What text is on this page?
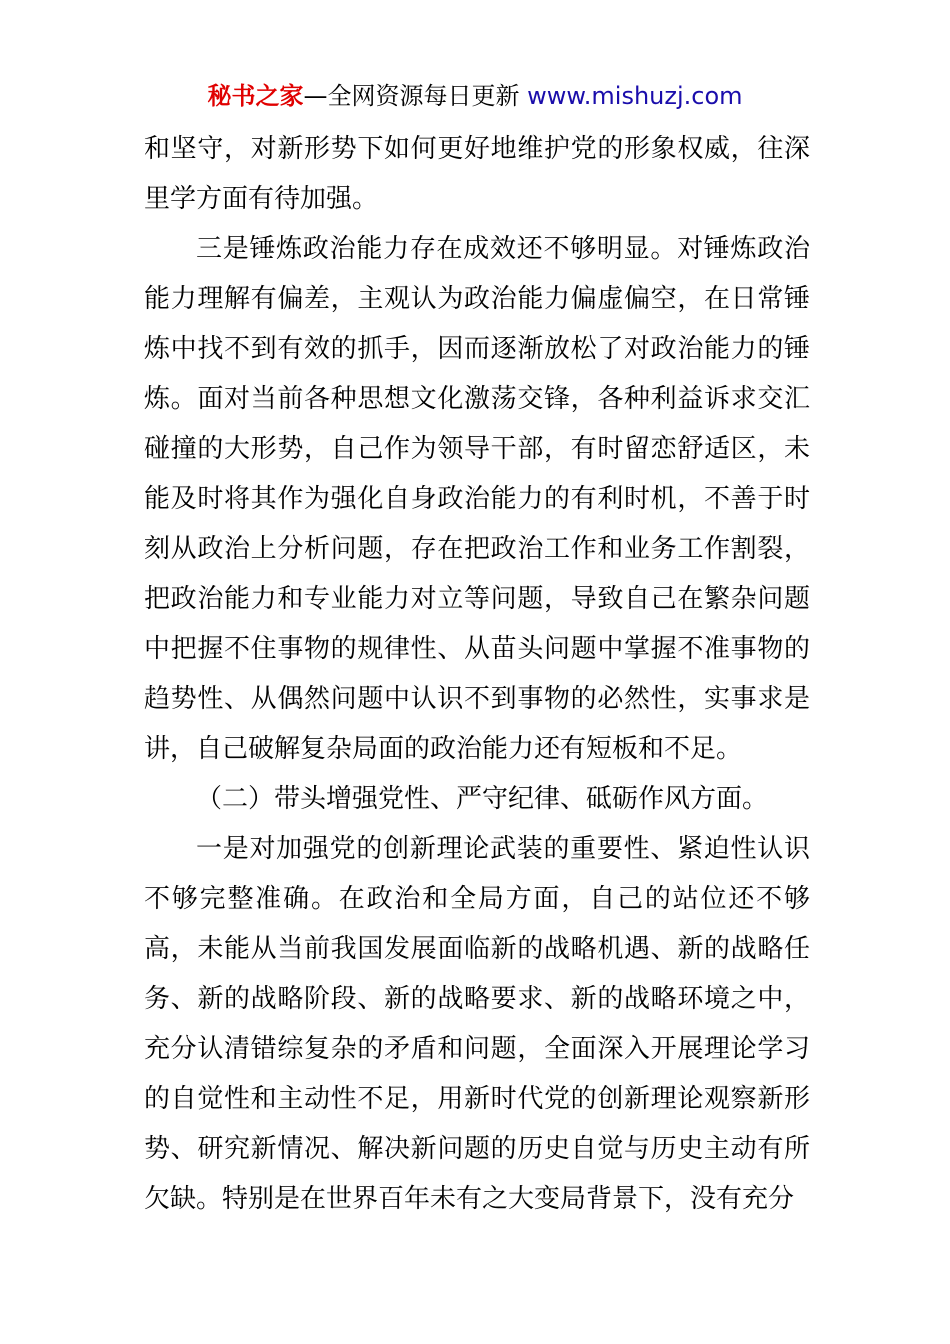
秘书之家—全网资源每日更新 www.mishuzj.com

和坚守，对新形势下如何更好地维护党的形象权威，往深里学方面有待加强。

三是锤炼政治能力存在成效还不够明显。对锤炼政治能力理解有偏差，主观认为政治能力偏虚偏空，在日常锤炼中找不到有效的抓手，因而逐渐放松了对政治能力的锤炼。面对当前各种思想文化激荡交锋，各种利益诉求交汇碰撞的大形势，自己作为领导干部，有时留恋舒适区，未能及时将其作为强化自身政治能力的有利时机，不善于时刻从政治上分析问题，存在把政治工作和业务工作割裂，把政治能力和专业能力对立等问题，导致自己在繁杂问题中把握不住事物的规律性、从苗头问题中掌握不准事物的趋势性、从偶然问题中认识不到事物的必然性，实事求是讲，自己破解复杂局面的政治能力还有短板和不足。

（二）带头增强党性、严守纪律、砥砺作风方面。

一是对加强党的创新理论武装的重要性、紧迫性认识不够完整准确。在政治和全局方面，自己的站位还不够高，未能从当前我国发展面临新的战略机遇、新的战略任务、新的战略阶段、新的战略要求、新的战略环境之中，充分认清错综复杂的矛盾和问题，全面深入开展理论学习的自觉性和主动性不足，用新时代党的创新理论观察新形势、研究新情况、解决新问题的历史自觉与历史主动有所欠缺。特别是在世界百年未有之大变局背景下，没有充分
